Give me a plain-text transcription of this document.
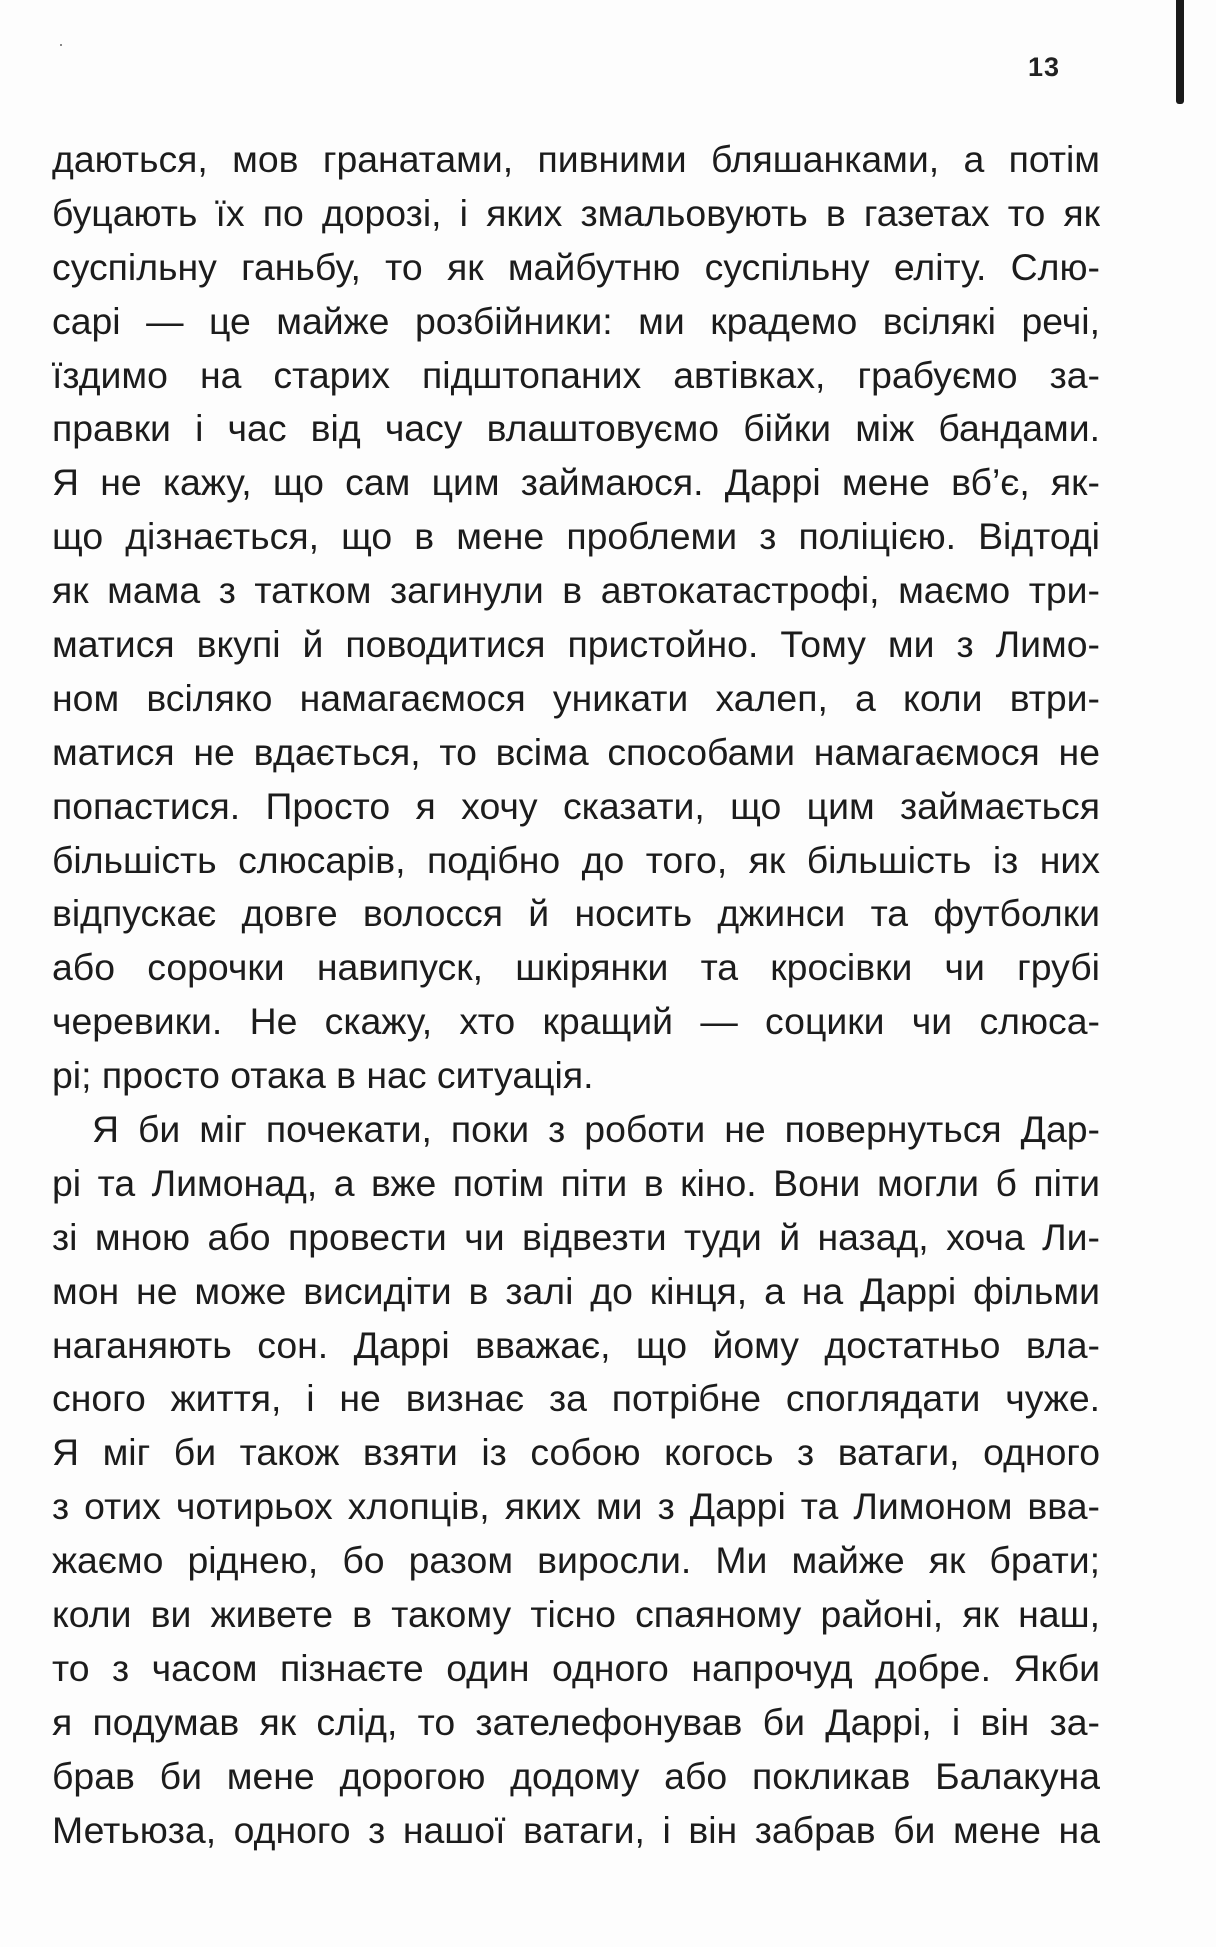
13
даються, мов гранатами, пивними бляшанками, а потім
буцають їх по дорозі, і яких змальовують в газетах то як
суспільну ганьбу, то як майбутню суспільну еліту. Слю-
сарі — це майже розбійники: ми крадемо всілякі речі,
їздимо на старих підштопаних автівках, грабуємо за-
правки і час від часу влаштовуємо бійки між бандами.
Я не кажу, що сам цим займаюся. Даррі мене вб’є, як-
що дізнається, що в мене проблеми з поліцією. Відтоді
як мама з татком загинули в автокатастрофі, маємо три-
матися вкупі й поводитися пристойно. Тому ми з Лимо-
ном всіляко намагаємося уникати халеп, а коли втри-
матися не вдається, то всіма способами намагаємося не
попастися. Просто я хочу сказати, що цим займається
більшість слюсарів, подібно до того, як більшість із них
відпускає довге волосся й носить джинси та футболки
або сорочки навипуск, шкірянки та кросівки чи грубі
черевики. Не скажу, хто кращий — социки чи слюса-
рі; просто отака в нас ситуація.
Я би міг почекати, поки з роботи не повернуться Дар-
рі та Лимонад, а вже потім піти в кіно. Вони могли б піти
зі мною або провести чи відвезти туди й назад, хоча Ли-
мон не може висидіти в залі до кінця, а на Даррі фільми
наганяють сон. Даррі вважає, що йому достатньо вла-
сного життя, і не визнає за потрібне споглядати чуже.
Я міг би також взяти із собою когось з ватаги, одного
з отих чотирьох хлопців, яких ми з Даррі та Лимоном вва-
жаємо ріднею, бо разом виросли. Ми майже як брати;
коли ви живете в такому тісно спаяному районі, як наш,
то з часом пізнаєте один одного напрочуд добре. Якби
я подумав як слід, то зателефонував би Даррі, і він за-
брав би мене дорогою додому або покликав Балакуна
Метьюза, одного з нашої ватаги, і він забрав би мене на
